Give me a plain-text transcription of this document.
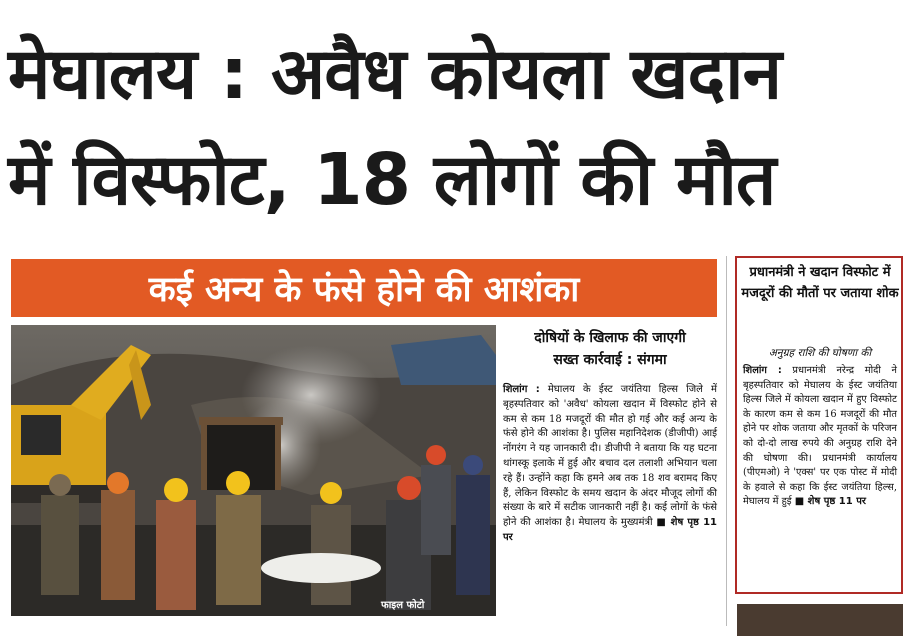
मेघालय : अवैध कोयला खदान
में विस्फोट, 18 लोगों की मौत
कई अन्य के फंसे होने की आशंका
फाइल फोटो
दोषियों के खिलाफ की जाएगी
सख्त कार्रवाई : संगमा
शिलांग : मेघालय के ईस्ट जयंतिया हिल्स जिले में बृहस्पतिवार को 'अवैध' कोयला खदान में विस्फोट होने से कम से कम 18 मजदूरों की मौत हो गई और कई अन्य के फंसे होने की आशंका है। पुलिस महानिदेशक (डीजीपी) आई नोंगरंग ने यह जानकारी दी। डीजीपी ने बताया कि यह घटना थांगस्कू इलाके में हुई और बचाव दल तलाशी अभियान चला रहे हैं। उन्होंने कहा कि हमने अब तक 18 शव बरामद किए हैं, लेकिन विस्फोट के समय खदान के अंदर मौजूद लोगों की संख्या के बारे में सटीक जानकारी नहीं है। कई लोगों के फंसे होने की आशंका है। मेघालय के मुख्यमंत्री ■ शेष पृष्ठ 11 पर
प्रधानमंत्री ने खदान विस्फोट में मजदूरों की मौतों पर जताया शोक
अनुग्रह राशि की घोषणा की
शिलांग : प्रधानमंत्री नरेन्द्र मोदी ने बृहस्पतिवार को मेघालय के ईस्ट जयंतिया हिल्स जिले में कोयला खदान में हुए विस्फोट के कारण कम से कम 16 मजदूरों की मौत होने पर शोक जताया और मृतकों के परिजन को दो-दो लाख रुपये की अनुग्रह राशि देने की घोषणा की। प्रधानमंत्री कार्यालय (पीएमओ) ने 'एक्स' पर एक पोस्ट में मोदी के हवाले से कहा कि ईस्ट जयंतिया हिल्स, मेघालय में हुई ■ शेष पृष्ठ 11 पर
